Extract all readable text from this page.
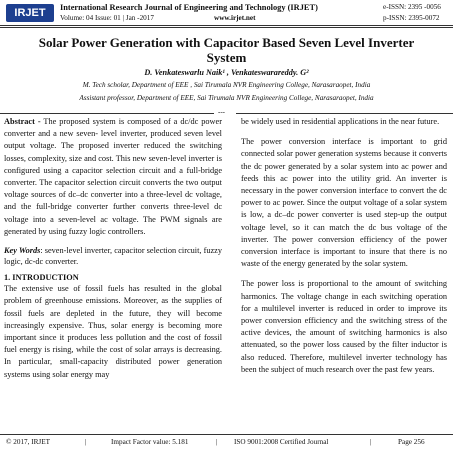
IRJET	International Research Journal of Engineering and Technology (IRJET)
Volume: 04 Issue: 01 | Jan -2017	www.irjet.net
e-ISSN: 2395 -0056
p-ISSN: 2395-0072
Solar Power Generation with Capacitor Based Seven Level Inverter
System
D. Venkateswarlu Naik¹ , Venkateswarareddy. G²
M. Tech scholar, Department of EEE , Sai Tirumala NVR Engineering College, Narasaraopet, India
Assistant professor, Department of EEE, Sai Tirumala NVR Engineering College, Narasaraopet, India
---

Abstract - The proposed system is composed of a dc/dc power converter and a new seven- level inverter, produced seven level output voltage. The proposed inverter reduced the switching losses, complexity, size and cost. This new seven-level inverter is configured using a capacitor selection circuit and a full-bridge converter. The capacitor selection circuit converts the two output voltage sources of dc–dc converter into a three-level dc voltage, and the full-bridge converter further converts three-level dc voltage into a seven-level ac voltage. The PWM signals are generated by using fuzzy logic controllers.

Key Words: seven-level inverter, capacitor selection circuit, fuzzy logic, dc-dc converter.

1. INTRODUCTION

The extensive use of fossil fuels has resulted in the global problem of greenhouse emissions. Moreover, as the supplies of fossil fuels are depleted in the future, they will become increasingly expensive. Thus, solar energy is becoming more important since it produces less pollution and the cost of fossil fuel energy is rising, while the cost of solar arrays is decreasing. In particular, small-capacity distributed power generation systems using solar energy may

be widely used in residential applications in the near future.

The power conversion interface is important to grid connected solar power generation systems because it converts the dc power generated by a solar system into ac power and feeds this ac power into the utility grid. An inverter is necessary in the power conversion interface to convert the dc power to ac power. Since the output voltage of a solar system is low, a dc–dc power converter is used step-up the output voltage level, so it can match the dc bus voltage of the inverter. The power conversion efficiency of the power conversion interface is important to insure that there is no waste of the energy generated by the solar system.

The power loss is proportional to the amount of switching harmonics. The voltage change in each switching operation for a multilevel inverter is reduced in order to improve its power conversion efficiency and the switching stress of the active devices, the amount of switching harmonics is also attenuated, so the power loss caused by the filter inductor is also reduced. Therefore, multilevel inverter technology has been the subject of much research over the past few years.

© 2017, IRJET	|	Impact Factor value: 5.181	| ISO 9001:2008 Certified Journal	|	Page 256
